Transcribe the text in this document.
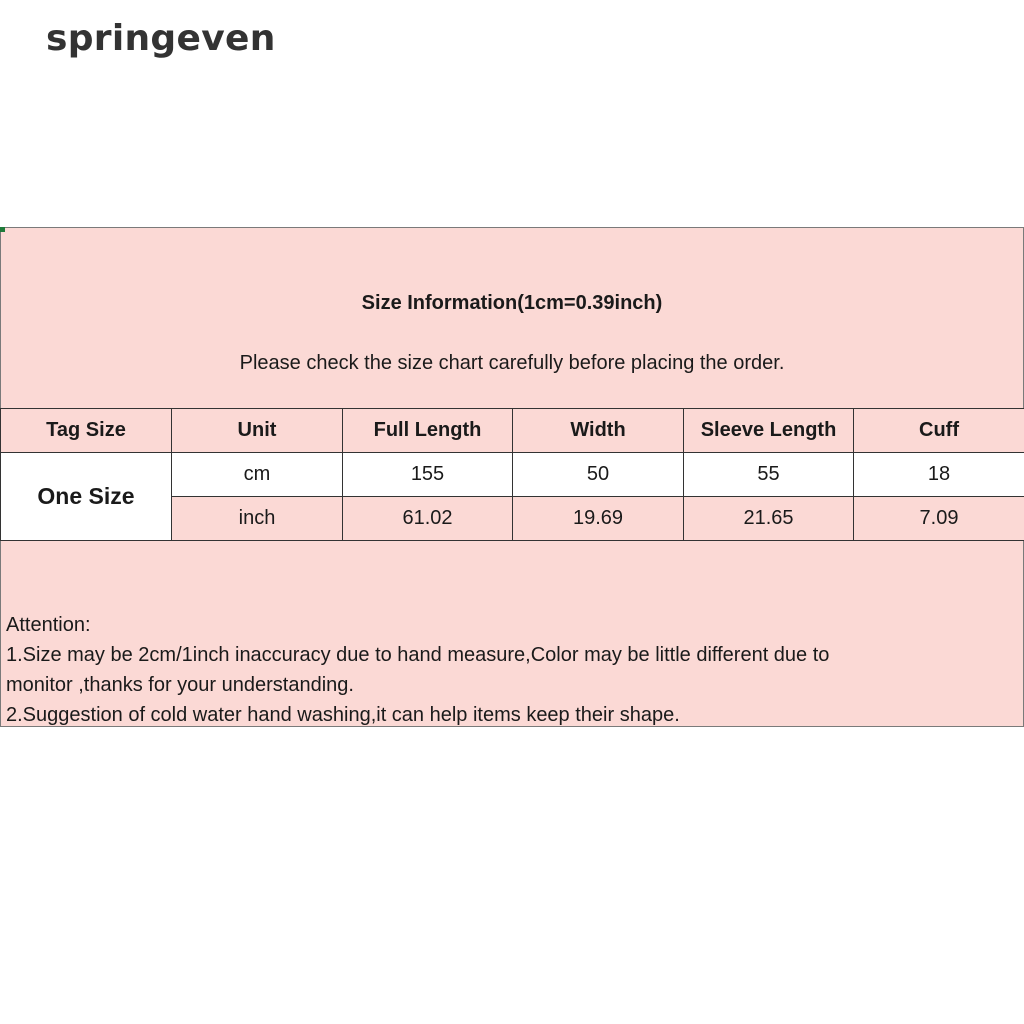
springeven
Size Information(1cm=0.39inch)
Please check the size chart carefully before placing the order.
Tag Size	Unit	Full Length	Width	Sleeve Length	Cuff
One Size	cm	155	50	55	18
	inch	61.02	19.69	21.65	7.09
Attention:
1.Size may be 2cm/1inch inaccuracy due to hand measure,Color may be little different due to
monitor ,thanks for your understanding.
2.Suggestion of cold water hand washing,it can help items keep their shape.
